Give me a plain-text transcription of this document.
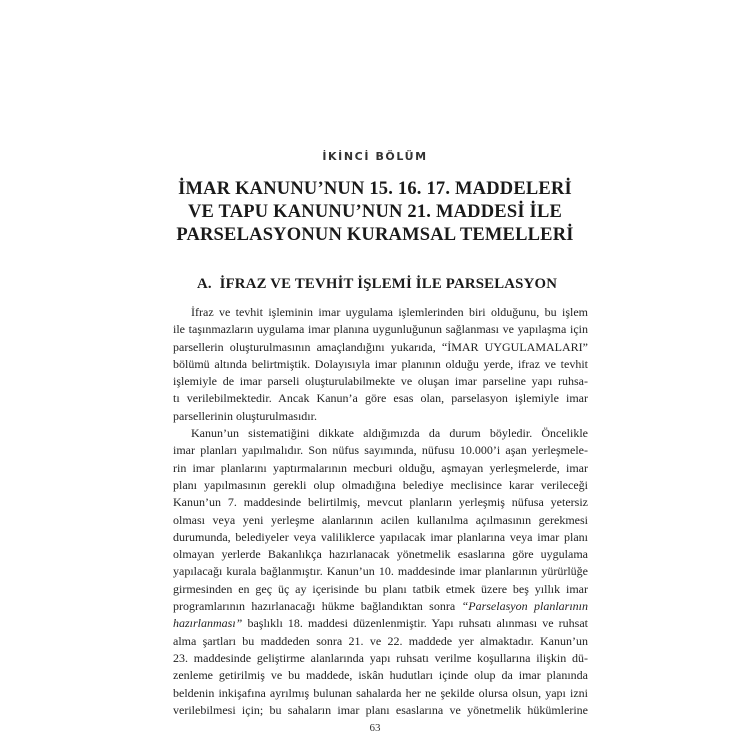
İKİNCİ BÖLÜM
İMAR KANUNU’NUN 15. 16. 17. MADDELERİ
VE TAPU KANUNU’NUN 21. MADDESİ İLE
PARSELASYONUN KURAMSAL TEMELLERİ
A. İFRAZ VE TEVHİT İŞLEMİ İLE PARSELASYON
İfraz ve tevhit işleminin imar uygulama işlemlerinden biri olduğunu, bu işlem
ile taşınmazların uygulama imar planına uygunluğunun sağlanması ve yapılaşma için
parsellerin oluşturulmasının amaçlandığını yukarıda, “İMAR UYGULAMALARI”
bölümü altında belirtmiştik. Dolayısıyla imar planının olduğu yerde, ifraz ve tevhit
işlemiyle de imar parseli oluşturulabilmekte ve oluşan imar parseline yapı ruhsa-
tı verilebilmektedir. Ancak Kanun’a göre esas olan, parselasyon işlemiyle imar
parsellerinin oluşturulmasıdır.
Kanun’un sistematiğini dikkate aldığımızda da durum böyledir. Öncelikle
imar planları yapılmalıdır. Son nüfus sayımında, nüfusu 10.000’i aşan yerleşmele-
rin imar planlarını yaptırmalarının mecburi olduğu, aşmayan yerleşmelerde, imar
planı yapılmasının gerekli olup olmadığına belediye meclisince karar verileceği
Kanun’un 7. maddesinde belirtilmiş, mevcut planların yerleşmiş nüfusa yetersiz
olması veya yeni yerleşme alanlarının acilen kullanılma açılmasının gerekmesi
durumunda, belediyeler veya valiliklerce yapılacak imar planlarına veya imar planı
olmayan yerlerde Bakanlıkça hazırlanacak yönetmelik esaslarına göre uygulama
yapılacağı kurala bağlanmıştır. Kanun’un 10. maddesinde imar planlarının yürürlüğe
girmesinden en geç üç ay içerisinde bu planı tatbik etmek üzere beş yıllık imar
programlarının hazırlanacağı hükme bağlandıktan sonra “Parselasyon planlarının
hazırlanması” başlıklı 18. maddesi düzenlenmiştir. Yapı ruhsatı alınması ve ruhsat
alma şartları bu maddeden sonra 21. ve 22. maddede yer almaktadır. Kanun’un
23. maddesinde geliştirme alanlarında yapı ruhsatı verilme koşullarına ilişkin dü-
zenleme getirilmiş ve bu maddede, iskân hudutları içinde olup da imar planında
beldenin inkişafına ayrılmış bulunan sahalarda her ne şekilde olursa olsun, yapı izni
verilebilmesi için; bu sahaların imar planı esaslarına ve yönetmelik hükümlerine
63
